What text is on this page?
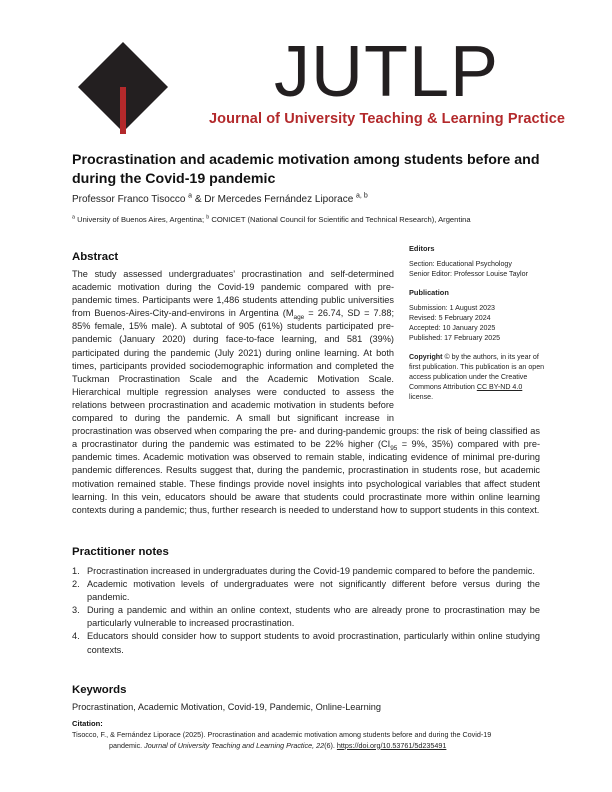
JUTLP
Journal of University Teaching & Learning Practice
Procrastination and academic motivation among students before and during the Covid-19 pandemic
Professor Franco Tisocco $^a$ & Dr Mercedes Fernández Liporace $^{a, b}$
$^a$ University of Buenos Aires, Argentina; $^b$ CONICET (National Council for Scientific and Technical Research), Argentina
Abstract
The study assessed undergraduates’ procrastination and self-determined academic motivation during the Covid-19 pandemic compared with pre-pandemic times. Participants were 1,486 students attending public universities from Buenos-Aires-City-and-environs in Argentina ($M_{age} = 26.74$, SD = 7.88; 85% female, 15% male). A subtotal of 905 (61%) students participated pre-pandemic (January 2020) during face-to-face learning, and 581 (39%) participated during the pandemic (July 2021) during online learning. At both times, participants provided sociodemographic information and completed the Tuckman Procrastination Scale and the Academic Motivation Scale. Hierarchical multiple regression analyses were conducted to assess the relations between procrastination and academic motivation in students before compared to during the pandemic. A small but significant increase in procrastination was observed when comparing the pre- and during-pandemic groups: the risk of being classified as a procrastinator during the pandemic was estimated to be 22% higher ($CI_{95} = 9\%$, 35%) compared with pre-pandemic times. Academic motivation was observed to remain stable, indicating evidence of minimal pre-during pandemic differences. Results suggest that, during the pandemic, procrastination in students rose, but academic motivation remained stable. These findings provide novel insights into psychological variables that affect student learning. In this vein, educators should be aware that students could procrastinate more within online learning contexts during a pandemic; thus, further research is needed to understand how to support students in this context.
Editors
Section: Educational Psychology
Senior Editor: Professor Louise Taylor
Publication
Submission: 1 August 2023
Revised: 5 February 2024
Accepted: 10 January 2025
Published: 17 February 2025
Copyright © by the authors, in its year of first publication. This publication is an open access publication under the Creative Commons Attribution CC BY-ND 4.0 license.
Practitioner notes
1. Procrastination increased in undergraduates during the Covid-19 pandemic compared to before the pandemic.
2. Academic motivation levels of undergraduates were not significantly different before versus during the pandemic.
3. During a pandemic and within an online context, students who are already prone to procrastination may be particularly vulnerable to increased procrastination.
4. Educators should consider how to support students to avoid procrastination, particularly within online studying contexts.
Keywords
Procrastination, Academic Motivation, Covid-19, Pandemic, Online-Learning
Citation:
Tisocco, F., & Fernández Liporace (2025). Procrastination and academic motivation among students before and during the Covid-19
pandemic. Journal of University Teaching and Learning Practice, 22(6). https://doi.org/10.53761/5d235491
